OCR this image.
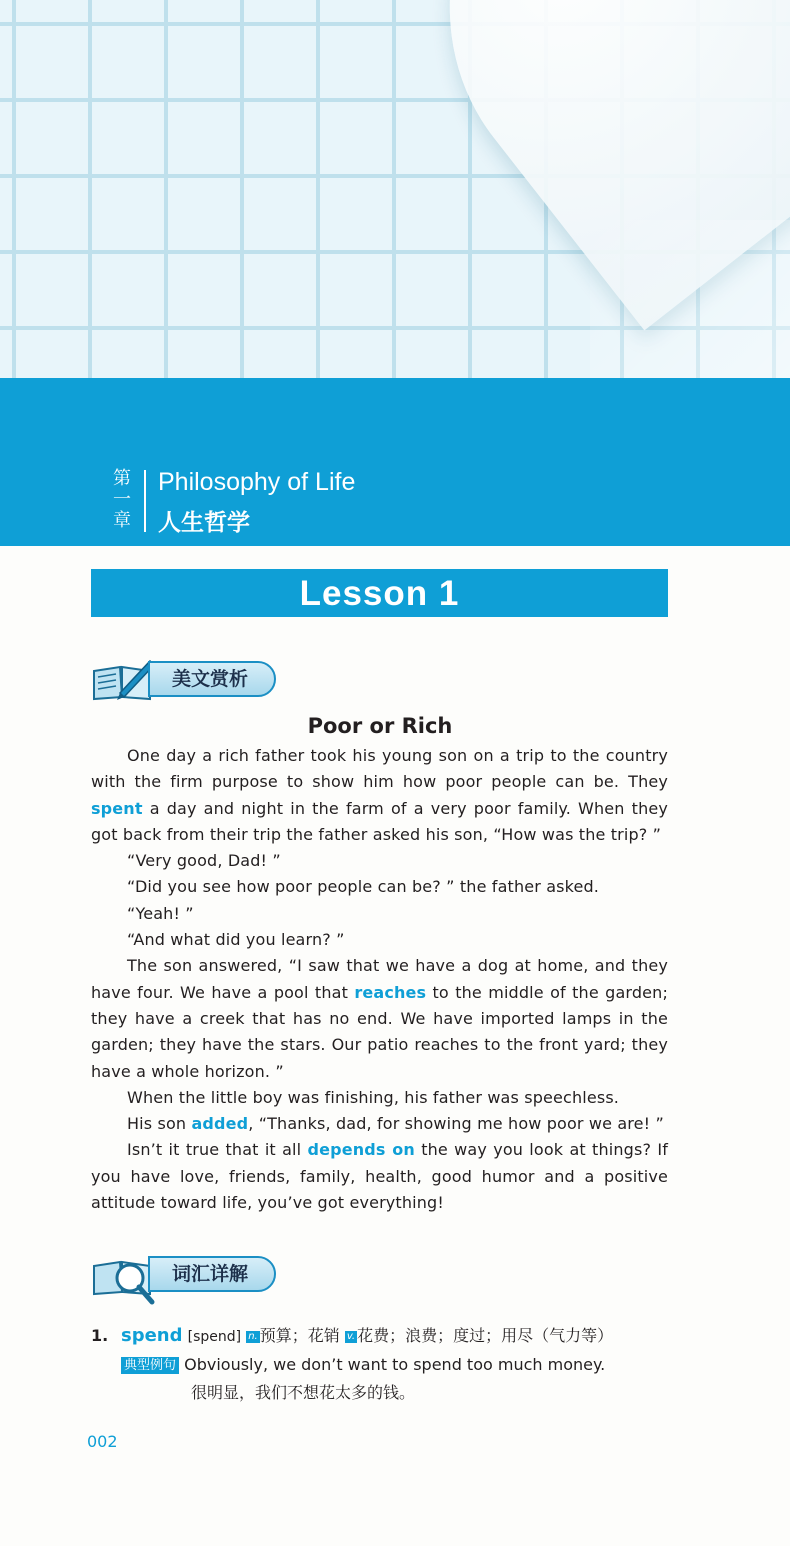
第
一
章
Philosophy of Life
人生哲学
Lesson 1
美文赏析
Poor or Rich

One day a rich father took his young son on a trip to the country with the firm purpose to show him how poor people can be. They spent a day and night in the farm of a very poor family. When they got back from their trip the father asked his son, “How was the trip? ”

“Very good, Dad! ”

“Did you see how poor people can be? ” the father asked.

“Yeah! ”

“And what did you learn? ”

The son answered, “I saw that we have a dog at home, and they have four. We have a pool that reaches to the middle of the garden; they have a creek that has no end. We have imported lamps in the garden; they have the stars. Our patio reaches to the front yard; they have a whole horizon. ”

When the little boy was finishing, his father was speechless.

His son added, “Thanks, dad, for showing me how poor we are! ”

Isn’t it true that it all depends on the way you look at things? If you have love, friends, family, health, good humor and a positive attitude toward life, you’ve got everything!

词汇详解
1. spend [spend] n. 预算；花销 v. 花费；浪费；度过；用尽（气力等）
典型例句 Obviously, we don’t want to spend too much money.
很明显，我们不想花太多的钱。
002
